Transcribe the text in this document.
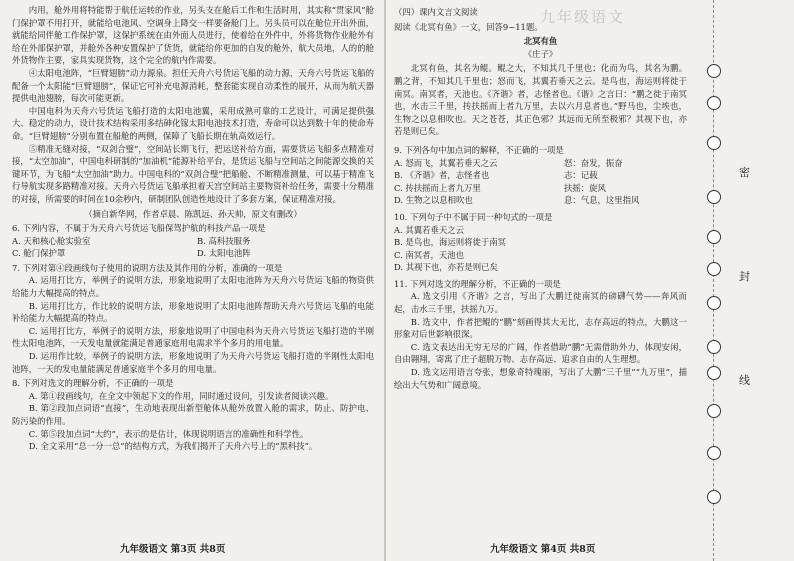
内用，舱外用将特能帮于航任运转的作业，另头支在舱后工作和生活时用，其实称“贯家风”舱门保护罩不用打开，就能给电池风、空调身上降交一样要备舱门上。另头员可以在舱位开出外面，就能给同伴舱工作保护罩，这保护系统在由外面人员进行，使着给在外件中，外将货物作业舱外有给在外部保护罩，并舱外各种安置保护了货货，就能给你更加的自发的舱外，航大员地，人的的舱外货物作主要，家具实现货物，这个完全的航内作需要。

④太阳电池阵，“巨臂翅膀”动力源泉。担任天舟六号货运飞船的动力源，天舟六号货运飞船的配备一个太阳能“巨臂翅膀”，保证它可补充电源消耗，整套能实现自动柔性的展开，从而为航天器提供电池翅膀，每次可能更新。

中国电科为天舟六号货运飞船打造的太阳电池翼，采用成熟可靠的工艺设计，可满足提供强大、稳定的动力，设计技术结构采用多结砷化镓太阳电池技术打造，寿命可以达到数十年的使命寿命。“巨臂翅膀”分别布置在船舱的两侧，保障了飞船长期在轨高效运行。

⑤精准无缝对接，“双剑合璧”，空间站长期飞行，把运送补给方面，需要货运飞船多点精准对接，“太空加油”，中国电科研制的“加油机”能源补给平台，是货运飞船与空间站之间能源交换的关键环节，为飞船“太空加油”助力。中国电科的“双剑合璧”把船舱、不断精准测量，可以基于精准飞行导航实现多路精准对接。天舟六号货运飞船承担着天宫空间站主要物资补给任务，需要十分精准的对接，所需要的时间在10余秒内，研制团队创造性地设计了多套方案，保证精准对接。

（摘自新华网，作者卓晨、陈凯远、孙天帅，原文有删改）

6. 下列内容，不属于为天舟六号货运飞船保驾护航的科技产品一项是

A. 天和核心舱实验室	B. 高科技服务

C. 舱门保护罩	D. 太阳电池阵

7. 下列对第④段画线句子使用的说明方法及其作用的分析，准确的一项是

A. 运用打比方，举例子的说明方法，形象地说明了太阳电池阵为天舟六号货运飞船的物资供给能力大幅提高的特点。

B. 运用打比方，作比较的说明方法，形象地说明了太阳电池阵帮助天舟六号货运飞船的电能补给能力大幅提高的特点。

C. 运用打比方，举例子的说明方法，形象地说明了中国电科为天舟六号货运飞船打造的半刚性太阳电池阵，一天发电量就能满足普通家庭用电需求半个多月的用电量。

D. 运用作比较，举例子的说明方法，形象地说明了为天舟六号货运飞船打造的半刚性太阳电池阵，一天的发电量能满足普通家庭半个多月的用电量。

8. 下列对选文的理解分析，不正确的一项是

A. 第①段画线句，在全文中领起下文的作用，同时通过设问，引发读者阅读兴趣。

B. 第②段加点词语“直接”，生动地表现出新型舱体从舱外放置入舱的需求，防止、防护电、防污染的作用。

C. 第⑤段加点词“大约”，表示的是估计，体现说明语言的准确性和科学性。

D. 全文采用“总一分一总”的结构方式，为我们揭开了天舟六号上的“黑科技”。

九年级语文 第3页 共8页
九年级语文

（四）课内文言文阅读

阅读《北冥有鱼》一文，回答9~11题。

北冥有鱼

《庄子》

北冥有鱼，其名为鲲。鲲之大，不知其几千里也；化而为鸟，其名为鹏。鹏之背，不知其几千里也；怒而飞，其翼若垂天之云。是鸟也，海运则将徙于南冥。南冥者，天池也。《齐谐》者，志怪者也。《谐》之言曰：“鹏之徙于南冥也，水击三千里，抟扶摇而上者九万里，去以六月息者也。”野马也，尘埃也，生物之以息相吹也。天之苍苍，其正色邪？其远而无所至极邪？其视下也，亦若是则已矣。

9. 下列各句中加点词的解释，不正确的一项是

A. 怒而飞，其翼若垂天之云	怒：奋发，振奋
B. 《齐谐》者，志怪者也	志：记载
C. 抟扶摇而上者九万里	扶摇：旋风
D. 生物之以息相吹也	息：气息，这里指风

10. 下列句子中不属于同一种句式的一项是

A. 其翼若垂天之云

B. 是鸟也，海运则将徙于南冥

C. 南冥者，天池也

D. 其视下也，亦若是则已矣

11. 下列对选文的理解分析，不正确的一项是

A. 选文引用《齐谐》之言，写出了大鹏迁徙南冥的磅礴气势——奔风而起，击水三千里，扶摇九万。

B. 选文中，作者把鲲的“鹏”刻画得其大无比，志存高远的特点，大鹏这一形象对后世影响很深。

C. 选文表达出无穷无尽的广阔，作者借助“鹏”无需借助外力，体现安闲，自由翱翔，寄寓了庄子超脱万物、志存高远、追求自由的人生理想。

D. 选文运用语言夸张，想象奇特瑰丽，写出了大鹏“三千里”“九万里”，描绘出大气势和广阔意境。

九年级语文 第4页 共8页
密
封
线
